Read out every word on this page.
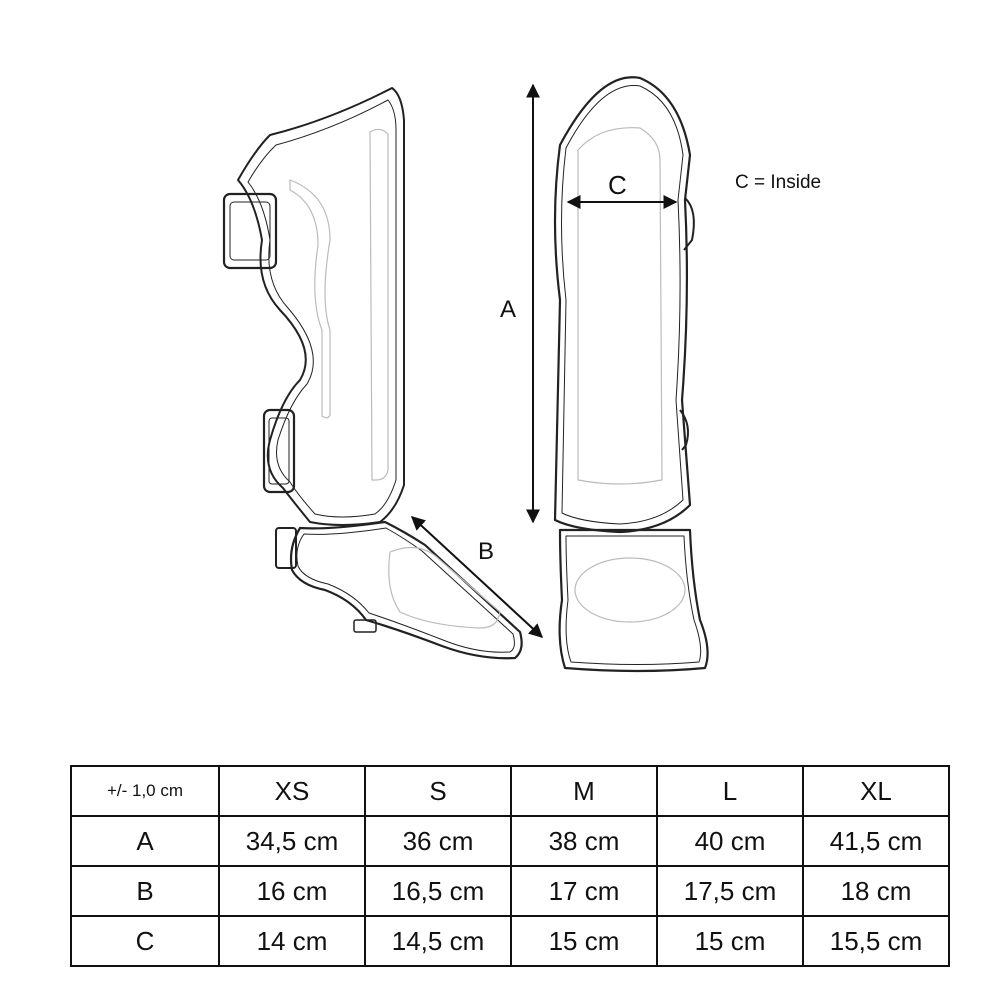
A
B
C	C = Inside
+/- 1,0 cm	XS	S	M	L	XL
A	34,5 cm	36 cm	38 cm	40 cm	41,5 cm
B	16 cm	16,5 cm	17 cm	17,5 cm	18 cm
C	14 cm	14,5 cm	15 cm	15 cm	15,5 cm
